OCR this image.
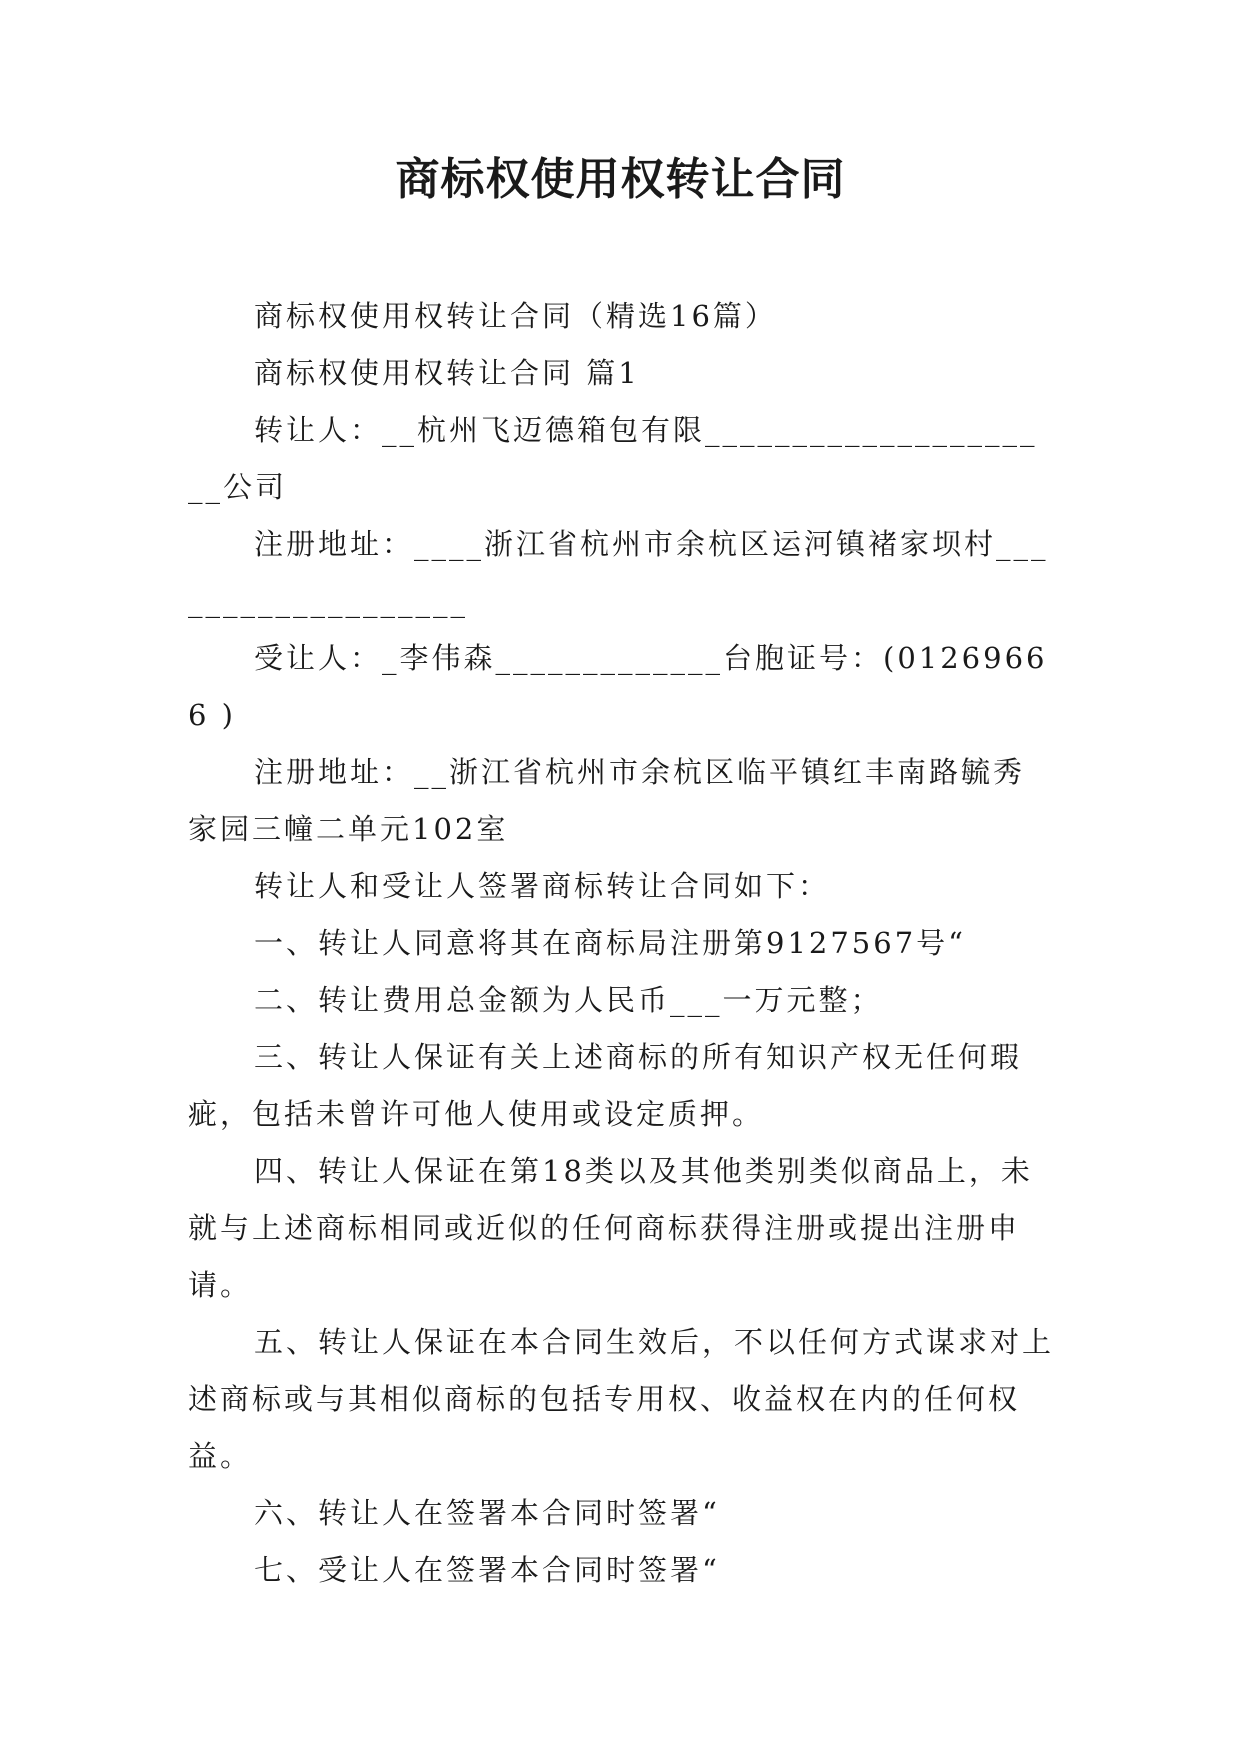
商标权使用权转让合同

商标权使用权转让合同（精选16篇）

商标权使用权转让合同 篇1

转让人：__杭州飞迈德箱包有限_____________________公司

注册地址：____浙江省杭州市余杭区运河镇褚家坝村___________________

受让人：_李伟森_____________台胞证号：(01269666 )

注册地址：__浙江省杭州市余杭区临平镇红丰南路毓秀家园三幢二单元102室

转让人和受让人签署商标转让合同如下：

一、转让人同意将其在商标局注册第9127567号“

二、转让费用总金额为人民币___一万元整；

三、转让人保证有关上述商标的所有知识产权无任何瑕疵，包括未曾许可他人使用或设定质押。

四、转让人保证在第18类以及其他类别类似商品上，未就与上述商标相同或近似的任何商标获得注册或提出注册申请。

五、转让人保证在本合同生效后，不以任何方式谋求对上述商标或与其相似商标的包括专用权、收益权在内的任何权益。

六、转让人在签署本合同时签署“

七、受让人在签署本合同时签署“
